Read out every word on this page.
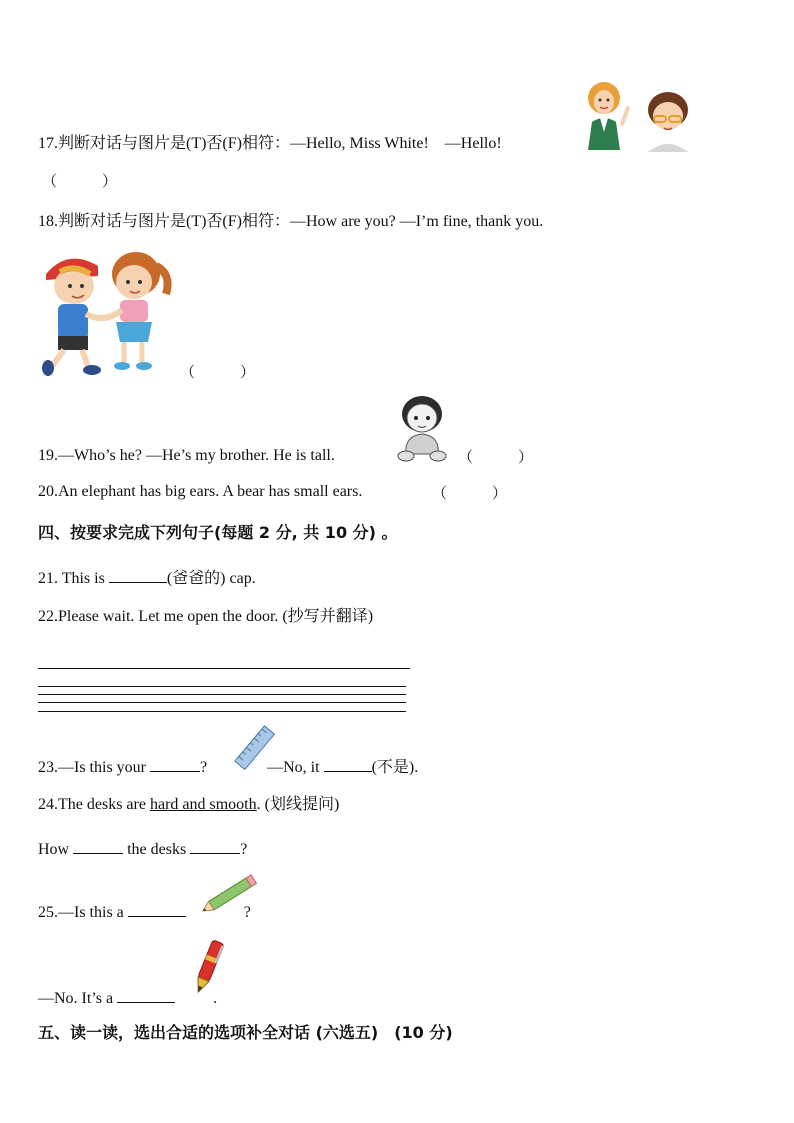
17.判断对话与图片是(T)否(F)相符：—Hello, Miss White!　—Hello!
（　　　）
18.判断对话与图片是(T)否(F)相符：—How are you? —I’m fine, thank you.
（　　　）
19.—Who’s he? —He’s my brother. He is tall.	（　　　）
20.An elephant has big ears. A bear has small ears.	（　　　）
四、按要求完成下列句子(每题 2 分, 共 10 分) 。
21. This is	(爸爸的) cap.
22.Please wait. Let me open the door. (抄写并翻译)
23.—Is this your	?	—No, it	(不是).
24.The desks are hard and smooth. (划线提问)
How	the desks	?
25.—Is this a	?
—No. It’s a	.
五、读一读，选出合适的选项补全对话 (六选五)　(10 分)
